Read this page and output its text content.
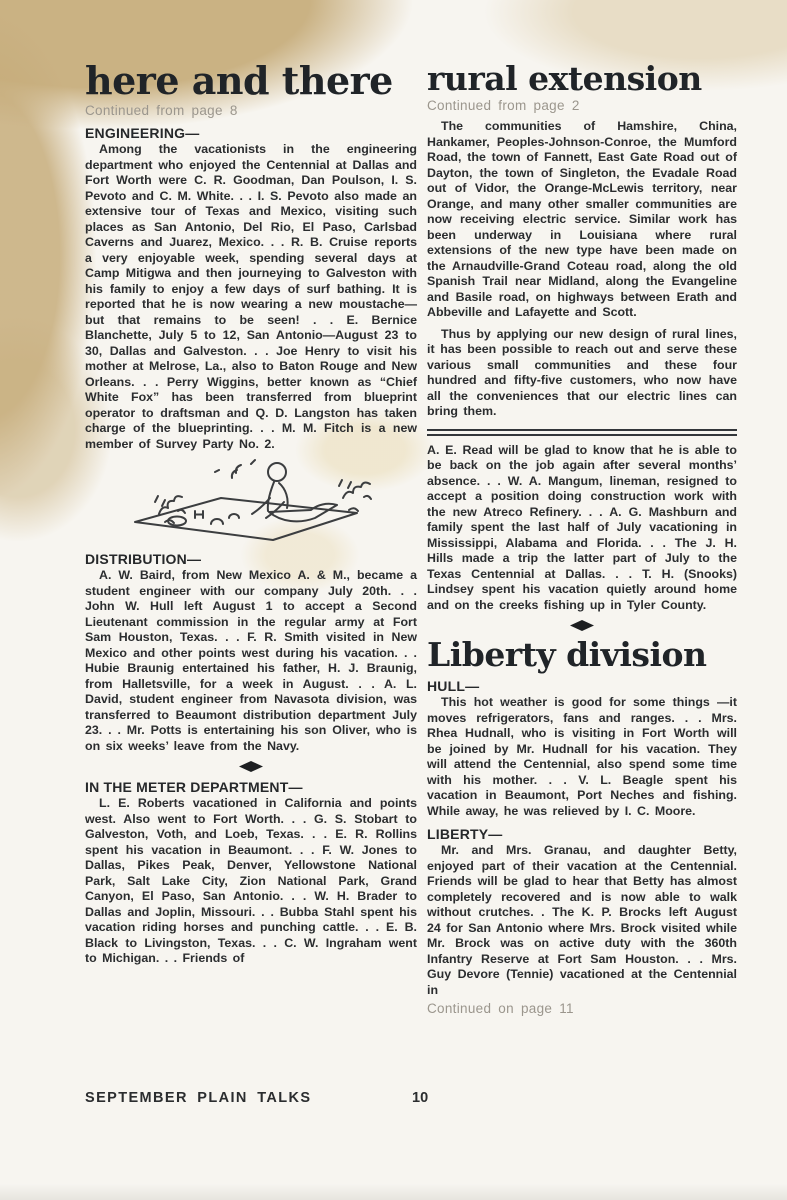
here and there
Continued from page 8
ENGINEERING—

Among the vacationists in the engineering department who enjoyed the Centennial at Dallas and Fort Worth were C. R. Goodman, Dan Poulson, I. S. Pevoto and C. M. White. . . I. S. Pevoto also made an extensive tour of Texas and Mexico, visiting such places as San Antonio, Del Rio, El Paso, Carlsbad Caverns and Juarez, Mexico. . . R. B. Cruise reports a very enjoyable week, spending several days at Camp Mitigwa and then journeying to Galveston with his family to enjoy a few days of surf bathing. It is reported that he is now wearing a new moustache—but that remains to be seen! . . E. Bernice Blanchette, July 5 to 12, San Antonio—August 23 to 30, Dallas and Galveston. . . Joe Henry to visit his mother at Melrose, La., also to Baton Rouge and New Orleans. . . Perry Wiggins, better known as “Chief White Fox” has been transferred from blueprint operator to draftsman and Q. D. Langston has taken charge of the blueprinting. . . M. M. Fitch is a new member of Survey Party No. 2.

DISTRIBUTION—

A. W. Baird, from New Mexico A. & M., became a student engineer with our company July 20th. . . John W. Hull left August 1 to accept a Second Lieutenant commission in the regular army at Fort Sam Houston, Texas. . . F. R. Smith visited in New Mexico and other points west during his vacation. . . Hubie Braunig entertained his father, H. J. Braunig, from Halletsville, for a week in August. . . A. L. David, student engineer from Navasota division, was transferred to Beaumont distribution department July 23. . . Mr. Potts is entertaining his son Oliver, who is on six weeks’ leave from the Navy.

IN THE METER DEPARTMENT—

L. E. Roberts vacationed in California and points west. Also went to Fort Worth. . . G. S. Stobart to Galveston, Voth, and Loeb, Texas. . . E. R. Rollins spent his vacation in Beaumont. . . F. W. Jones to Dallas, Pikes Peak, Denver, Yellowstone National Park, Salt Lake City, Zion National Park, Grand Canyon, El Paso, San Antonio. . . W. H. Brader to Dallas and Joplin, Missouri. . . Bubba Stahl spent his vacation riding horses and punching cattle. . . E. B. Black to Livingston, Texas. . . C. W. Ingraham went to Michigan. . . Friends of

rural extension
Continued from page 2

The communities of Hamshire, China, Hankamer, Peoples-Johnson-Conroe, the Mumford Road, the town of Fannett, East Gate Road out of Dayton, the town of Singleton, the Evadale Road out of Vidor, the Orange-McLewis territory, near Orange, and many other smaller communities are now receiving electric service. Similar work has been underway in Louisiana where rural extensions of the new type have been made on the Arnaudville-Grand Coteau road, along the old Spanish Trail near Midland, along the Evangeline and Basile road, on highways between Erath and Abbeville and Lafayette and Scott.

Thus by applying our new design of rural lines, it has been possible to reach out and serve these various small communities and these four hundred and fifty-five customers, who now have all the conveniences that our electric lines can bring them.

A. E. Read will be glad to know that he is able to be back on the job again after several months’ absence. . . W. A. Mangum, lineman, resigned to accept a position doing construction work with the new Atreco Refinery. . . A. G. Mashburn and family spent the last half of July vacationing in Mississippi, Alabama and Florida. . . The J. H. Hills made a trip the latter part of July to the Texas Centennial at Dallas. . . T. H. (Snooks) Lindsey spent his vacation quietly around home and on the creeks fishing up in Tyler County.

Liberty division
HULL—

This hot weather is good for some things —it moves refrigerators, fans and ranges. . . Mrs. Rhea Hudnall, who is visiting in Fort Worth will be joined by Mr. Hudnall for his vacation. They will attend the Centennial, also spend some time with his mother. . . V. L. Beagle spent his vacation in Beaumont, Port Neches and fishing. While away, he was relieved by I. C. Moore.

LIBERTY—

Mr. and Mrs. Granau, and daughter Betty, enjoyed part of their vacation at the Centennial. Friends will be glad to hear that Betty has almost completely recovered and is now able to walk without crutches. . The K. P. Brocks left August 24 for San Antonio where Mrs. Brock visited while Mr. Brock was on active duty with the 360th Infantry Reserve at Fort Sam Houston. . . Mrs. Guy Devore (Tennie) vacationed at the Centennial in

Continued on page 11
SEPTEMBER PLAIN TALKS	10
